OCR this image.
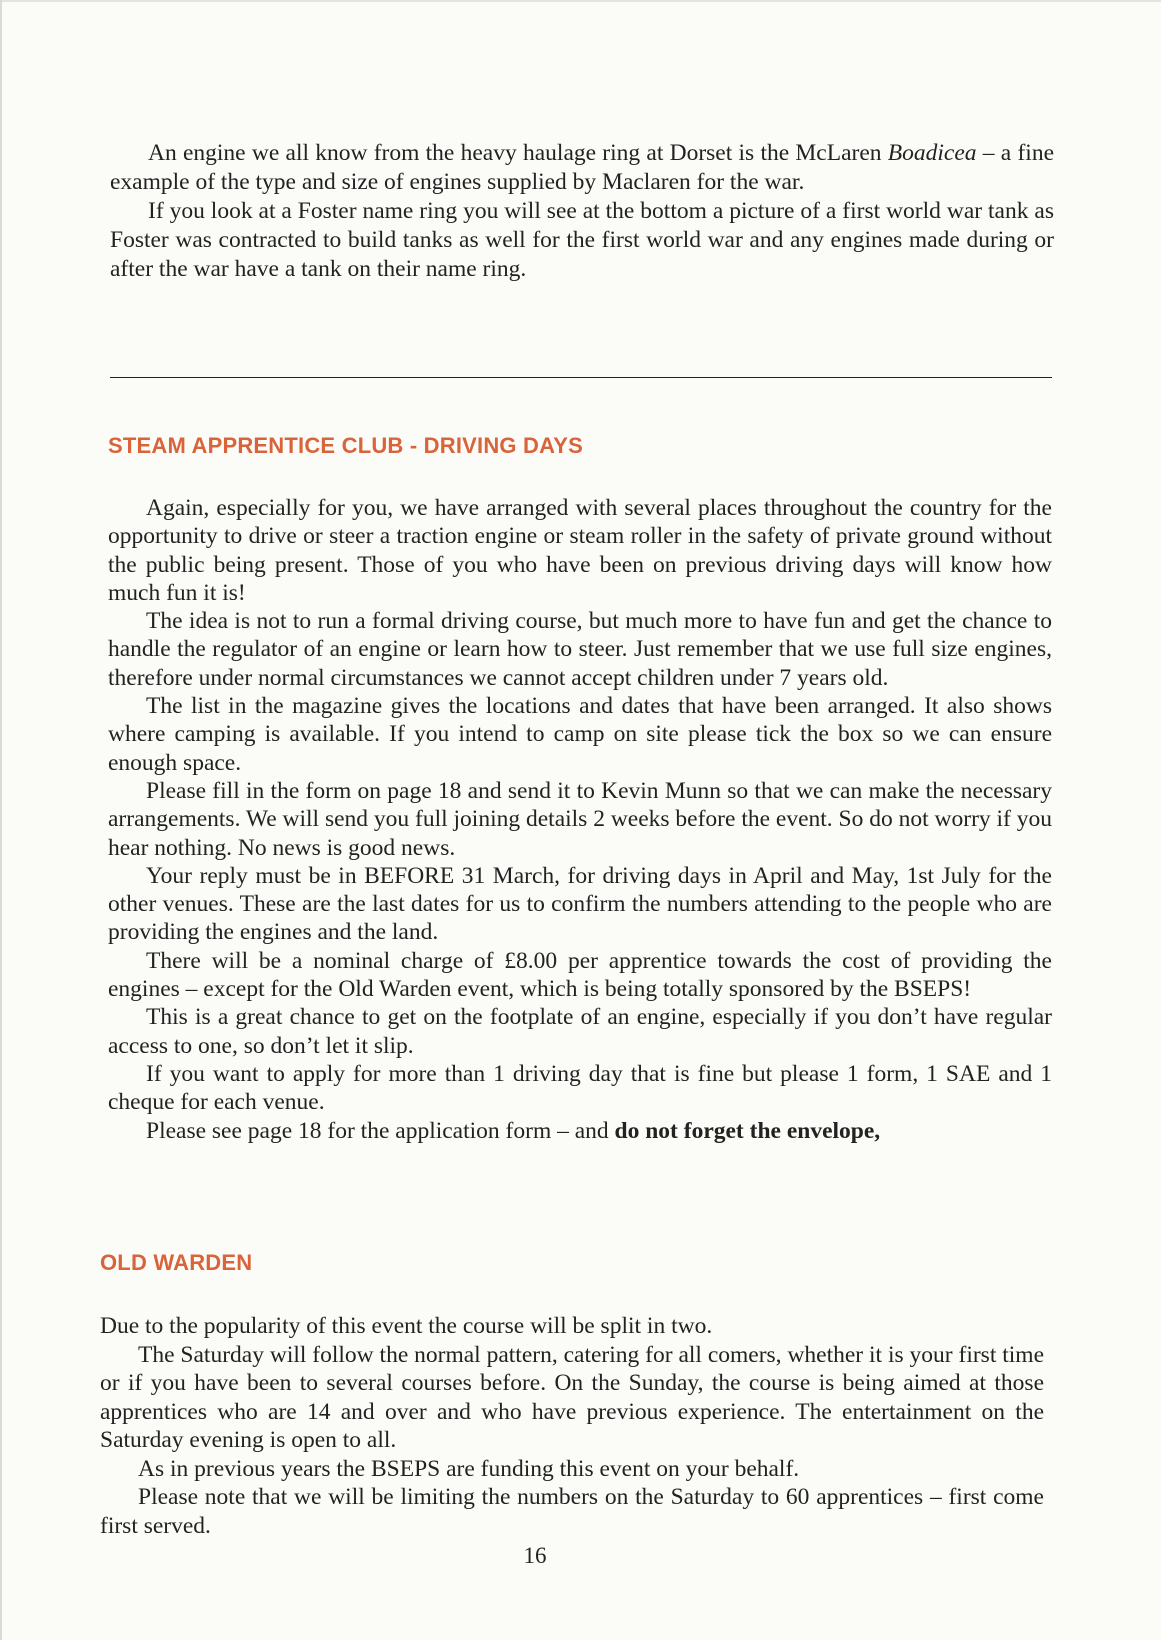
An engine we all know from the heavy haulage ring at Dorset is the McLaren Boadicea – a fine example of the type and size of engines supplied by Maclaren for the war.

If you look at a Foster name ring you will see at the bottom a picture of a first world war tank as Foster was contracted to build tanks as well for the first world war and any engines made during or after the war have a tank on their name ring.

STEAM APPRENTICE CLUB - DRIVING DAYS

Again, especially for you, we have arranged with several places throughout the country for the opportunity to drive or steer a traction engine or steam roller in the safety of private ground without the public being present. Those of you who have been on previous driving days will know how much fun it is!

The idea is not to run a formal driving course, but much more to have fun and get the chance to handle the regulator of an engine or learn how to steer. Just remember that we use full size engines, therefore under normal circumstances we cannot accept children under 7 years old.

The list in the magazine gives the locations and dates that have been arranged. It also shows where camping is available. If you intend to camp on site please tick the box so we can ensure enough space.

Please fill in the form on page 18 and send it to Kevin Munn so that we can make the necessary arrangements. We will send you full joining details 2 weeks before the event. So do not worry if you hear nothing. No news is good news.

Your reply must be in BEFORE 31 March, for driving days in April and May, 1st July for the other venues. These are the last dates for us to confirm the numbers attending to the people who are providing the engines and the land.

There will be a nominal charge of £8.00 per apprentice towards the cost of providing the engines – except for the Old Warden event, which is being totally sponsored by the BSEPS!

This is a great chance to get on the footplate of an engine, especially if you don’t have regular access to one, so don’t let it slip.

If you want to apply for more than 1 driving day that is fine but please 1 form, 1 SAE and 1 cheque for each venue.

Please see page 18 for the application form – and do not forget the envelope,

OLD WARDEN

Due to the popularity of this event the course will be split in two.

The Saturday will follow the normal pattern, catering for all comers, whether it is your first time or if you have been to several courses before. On the Sunday, the course is being aimed at those apprentices who are 14 and over and who have previous experience. The entertainment on the Saturday evening is open to all.

As in previous years the BSEPS are funding this event on your behalf.

Please note that we will be limiting the numbers on the Saturday to 60 apprentices – first come first served.

16
